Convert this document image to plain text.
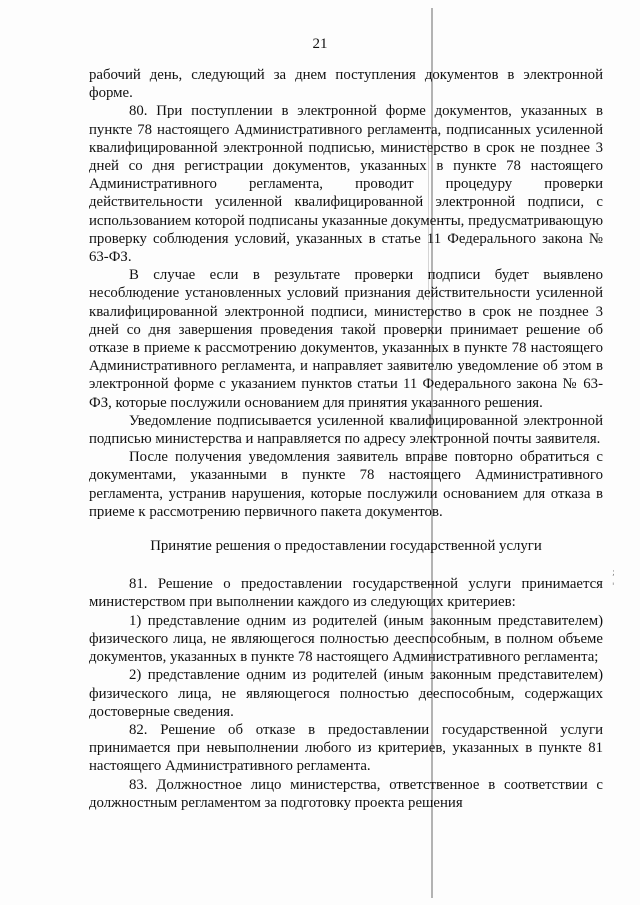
;
'
21

рабочий день, следующий за днем поступления документов в электронной форме.

80. При поступлении в электронной форме документов, указанных в пункте 78 настоящего Административного регламента, подписанных усиленной квалифицированной электронной подписью, министерство в срок не позднее 3 дней со дня регистрации документов, указанных в пункте 78 настоящего Административного регламента, проводит процедуру проверки действительности усиленной квалифицированной электронной подписи, с использованием которой подписаны указанные документы, предусматривающую проверку соблюдения условий, указанных в статье 11 Федерального закона № 63-ФЗ.

В случае если в результате проверки подписи будет выявлено несоблюдение установленных условий признания действительности усиленной квалифицированной электронной подписи, министерство в срок не позднее 3 дней со дня завершения проведения такой проверки принимает решение об отказе в приеме к рассмотрению документов, указанных в пункте 78 настоящего Административного регламента, и направляет заявителю уведомление об этом в электронной форме с указанием пунктов статьи 11 Федерального закона № 63-ФЗ, которые послужили основанием для принятия указанного решения.

Уведомление подписывается усиленной квалифицированной электронной подписью министерства и направляется по адресу электронной почты заявителя.

После получения уведомления заявитель вправе повторно обратиться с документами, указанными в пункте 78 настоящего Административного регламента, устранив нарушения, которые послужили основанием для отказа в приеме к рассмотрению первичного пакета документов.

Принятие решения о предоставлении государственной услуги

81. Решение о предоставлении государственной услуги принимается министерством при выполнении каждого из следующих критериев:

1) представление одним из родителей (иным законным представителем) физического лица, не являющегося полностью дееспособным, в полном объеме документов, указанных в пункте 78 настоящего Административного регламента;

2) представление одним из родителей (иным законным представителем) физического лица, не являющегося полностью дееспособным, содержащих достоверные сведения.

82. Решение об отказе в предоставлении государственной услуги принимается при невыполнении любого из критериев, указанных в пункте 81 настоящего Административного регламента.

83. Должностное лицо министерства, ответственное в соответствии с должностным регламентом за подготовку проекта решения
